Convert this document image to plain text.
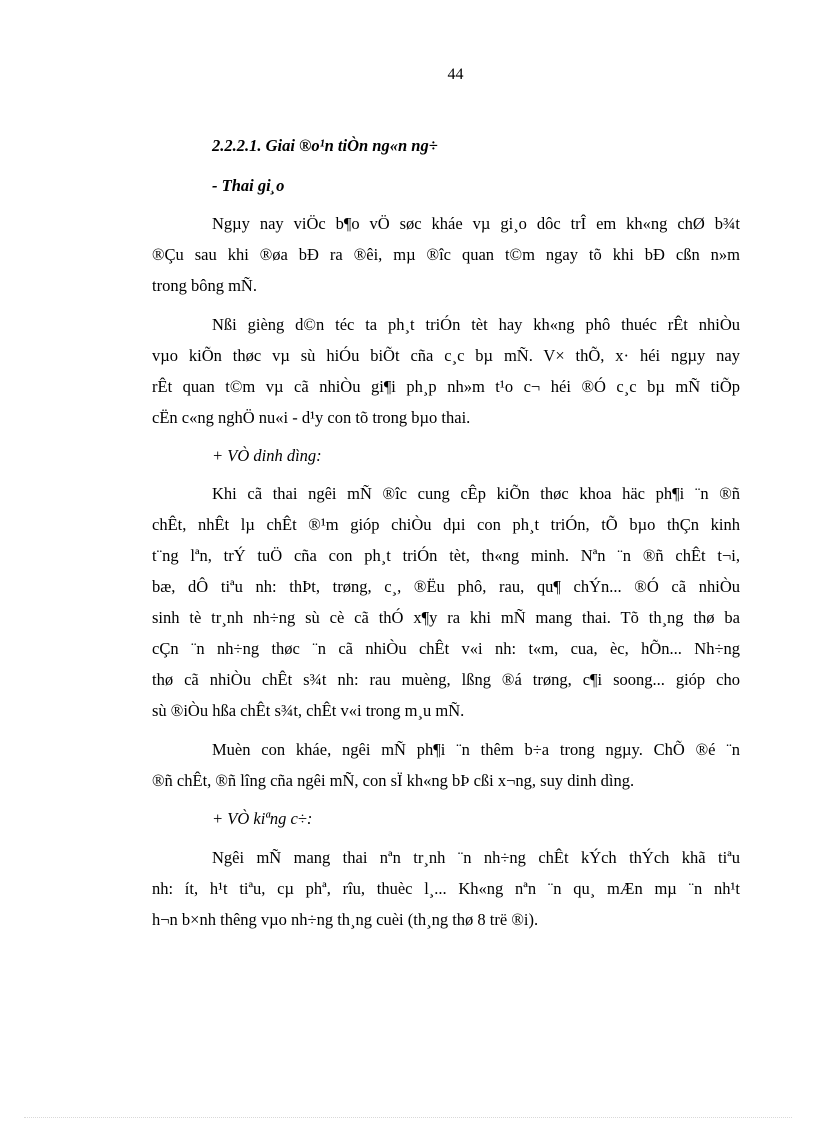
44
2.2.2.1. Giai ®o¹n tiÒn ng«n ng÷
- Thai gi¸o
Ngµy nay viÖc b¶o vÖ søc kháe vµ gi¸o dôc trÎ em kh«ng chØ b¾t
®Çu sau khi ®øa bÐ ra ®êi, mµ ®îc quan t©m ngay tõ khi bÐ cßn n»m
trong bông mÑ.
Nßi gièng d©n téc ta ph¸t triÓn tèt hay kh«ng phô thuéc rÊt nhiÒu
vµo kiÕn thøc vµ sù hiÓu biÕt cña c¸c bµ mÑ. V× thÕ, x· héi ngµy nay
rÊt quan t©m vµ cã nhiÒu gi¶i ph¸p nh»m t¹o c¬ héi ®Ó c¸c bµ mÑ tiÕp
cËn c«ng nghÖ nu«i - d¹y con tõ trong bµo thai.
+ VÒ dinh dìng:
Khi cã thai ngêi mÑ ®îc cung cÊp kiÕn thøc khoa häc ph¶i ¨n ®ñ
chÊt, nhÊt lµ chÊt ®¹m gióp chiÒu dµi con ph¸t triÓn, tÕ bµo thÇn kinh
t¨ng lªn, trÝ tuÖ cña con ph¸t triÓn tèt, th«ng minh. Nªn ¨n ®ñ chÊt t¬i,
bæ, dÔ tiªu nh: thÞt, trøng, c¸, ®Ëu phô, rau, qu¶ chÝn... ®Ó cã nhiÒu
sinh tè tr¸nh nh÷ng sù cè cã thÓ x¶y ra khi mÑ mang thai. Tõ th¸ng thø ba
cÇn ¨n nh÷ng thøc ¨n cã nhiÒu chÊt v«i nh: t«m, cua, èc, hÕn... Nh÷ng
thø cã nhiÒu chÊt s¾t nh: rau muèng, lßng ®á trøng, c¶i soong... gióp cho
sù ®iÒu hßa chÊt s¾t, chÊt v«i trong m¸u mÑ.
Muèn con kháe, ngêi mÑ ph¶i ¨n thêm b÷a trong ngµy. ChÕ ®é ¨n
®ñ chÊt, ®ñ lîng cña ngêi mÑ, con sÏ kh«ng bÞ cßi x¬ng, suy dinh dìng.
+ VÒ kiªng c÷:
Ngêi mÑ mang thai nªn tr¸nh ¨n nh÷ng chÊt kÝch thÝch khã tiªu
nh: ít, h¹t tiªu, cµ phª, rîu, thuèc l¸... Kh«ng nªn ¨n qu¸ mÆn mµ ¨n nh¹t
h¬n b×nh thêng vµo nh÷ng th¸ng cuèi (th¸ng thø 8 trë ®i).
